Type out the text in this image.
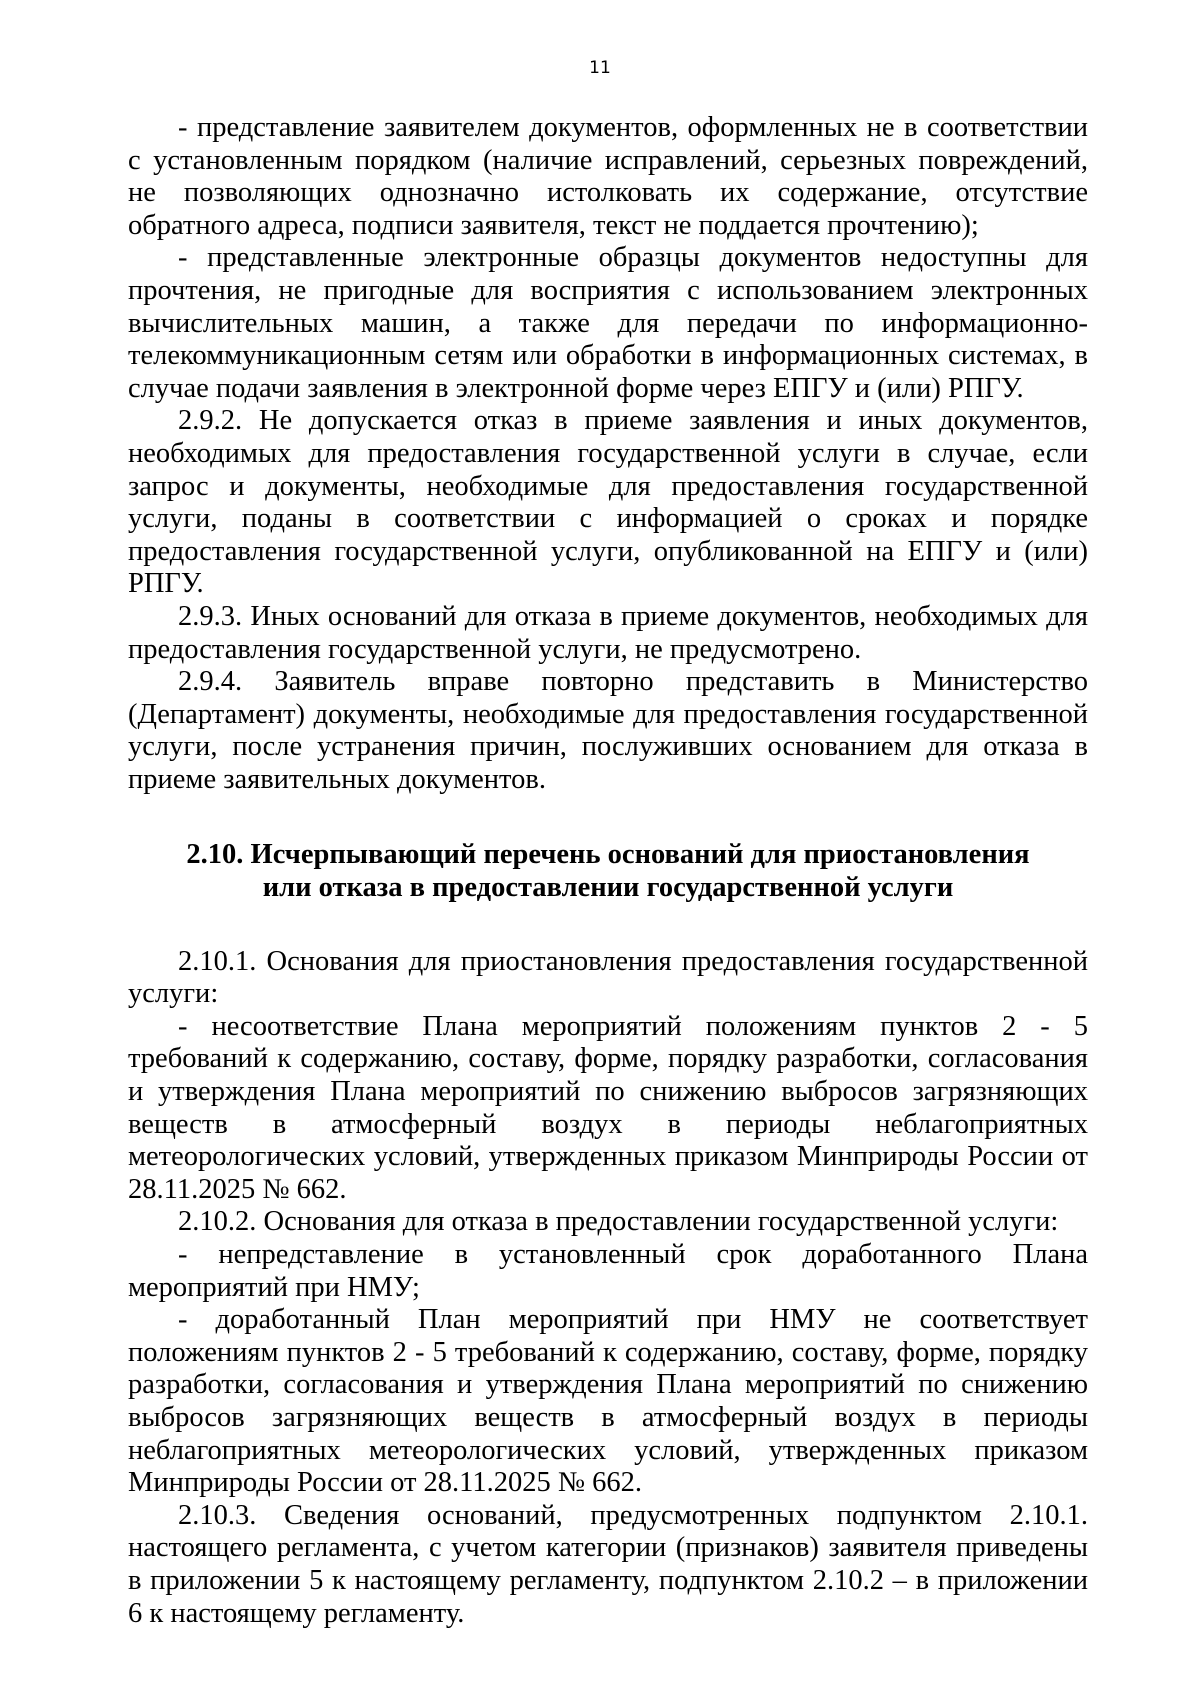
11

- представление заявителем документов, оформленных не в соответствии с установленным порядком (наличие исправлений, серьезных повреждений, не позволяющих однозначно истолковать их содержание, отсутствие обратного адреса, подписи заявителя, текст не поддается прочтению);

- представленные электронные образцы документов недоступны для прочтения, не пригодные для восприятия с использованием электронных вычислительных машин, а также для передачи по информационно-телекоммуникационным сетям или обработки в информационных системах, в случае подачи заявления в электронной форме через ЕПГУ и (или) РПГУ.

2.9.2. Не допускается отказ в приеме заявления и иных документов, необходимых для предоставления государственной услуги в случае, если запрос и документы, необходимые для предоставления государственной услуги, поданы в соответствии с информацией о сроках и порядке предоставления государственной услуги, опубликованной на ЕПГУ и (или) РПГУ.

2.9.3. Иных оснований для отказа в приеме документов, необходимых для предоставления государственной услуги, не предусмотрено.

2.9.4. Заявитель вправе повторно представить в Министерство (Департамент) документы, необходимые для предоставления государственной услуги, после устранения причин, послуживших основанием для отказа в приеме заявительных документов.

2.10. Исчерпывающий перечень оснований для приостановления
или отказа в предоставлении государственной услуги

2.10.1. Основания для приостановления предоставления государственной услуги:

- несоответствие Плана мероприятий положениям пунктов 2 - 5 требований к содержанию, составу, форме, порядку разработки, согласования и утверждения Плана мероприятий по снижению выбросов загрязняющих веществ в атмосферный воздух в периоды неблагоприятных метеорологических условий, утвержденных приказом Минприроды России от 28.11.2025 № 662.

2.10.2. Основания для отказа в предоставлении государственной услуги:

- непредставление в установленный срок доработанного Плана мероприятий при НМУ;

- доработанный План мероприятий при НМУ не соответствует положениям пунктов 2 - 5 требований к содержанию, составу, форме, порядку разработки, согласования и утверждения Плана мероприятий по снижению выбросов загрязняющих веществ в атмосферный воздух в периоды неблагоприятных метеорологических условий, утвержденных приказом Минприроды России от 28.11.2025 № 662.

2.10.3. Сведения оснований, предусмотренных подпунктом 2.10.1. настоящего регламента, с учетом категории (признаков) заявителя приведены в приложении 5 к настоящему регламенту, подпунктом 2.10.2 – в приложении 6 к настоящему регламенту.
